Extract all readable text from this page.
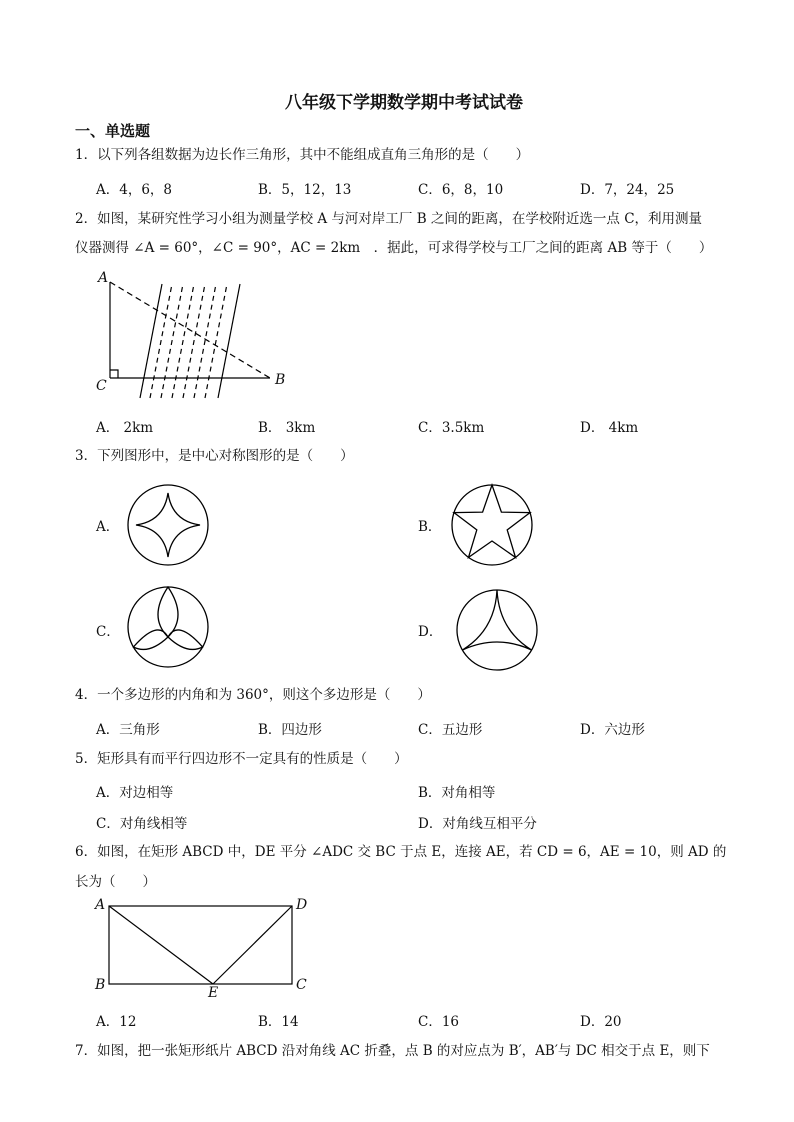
八年级下学期数学期中考试试卷
一、单选题
1．以下列各组数据为边长作三角形，其中不能组成直角三角形的是（　　）
A．4，6，8	B．5，12，13	C．6，8，10	D．7，24，25
2．如图，某研究性学习小组为测量学校 A 与河对岸工厂 B 之间的距离，在学校附近选一点 C，利用测量
仪器测得 ∠A = 60°，∠C = 90°，AC = 2km　．据此，可求得学校与工厂之间的距离 AB 等于（　　）
A
C	B
A． 2km	B． 3km	C．3.5km	D． 4km
3．下列图形中，是中心对称图形的是（　　）
A．	B．
C．	D．
4．一个多边形的内角和为 360°，则这个多边形是（　　）
A．三角形	B．四边形	C．五边形	D．六边形
5．矩形具有而平行四边形不一定具有的性质是（　　）
A．对边相等	B．对角相等
C．对角线相等	D．对角线互相平分
6．如图，在矩形 ABCD 中，DE 平分 ∠ADC 交 BC 于点 E，连接 AE，若 CD = 6，AE = 10，则 AD 的
长为（　　）
A	D
B	C
E
A．12	B．14	C．16	D．20
7．如图，把一张矩形纸片 ABCD 沿对角线 AC 折叠，点 B 的对应点为 B′，AB′与 DC 相交于点 E，则下
